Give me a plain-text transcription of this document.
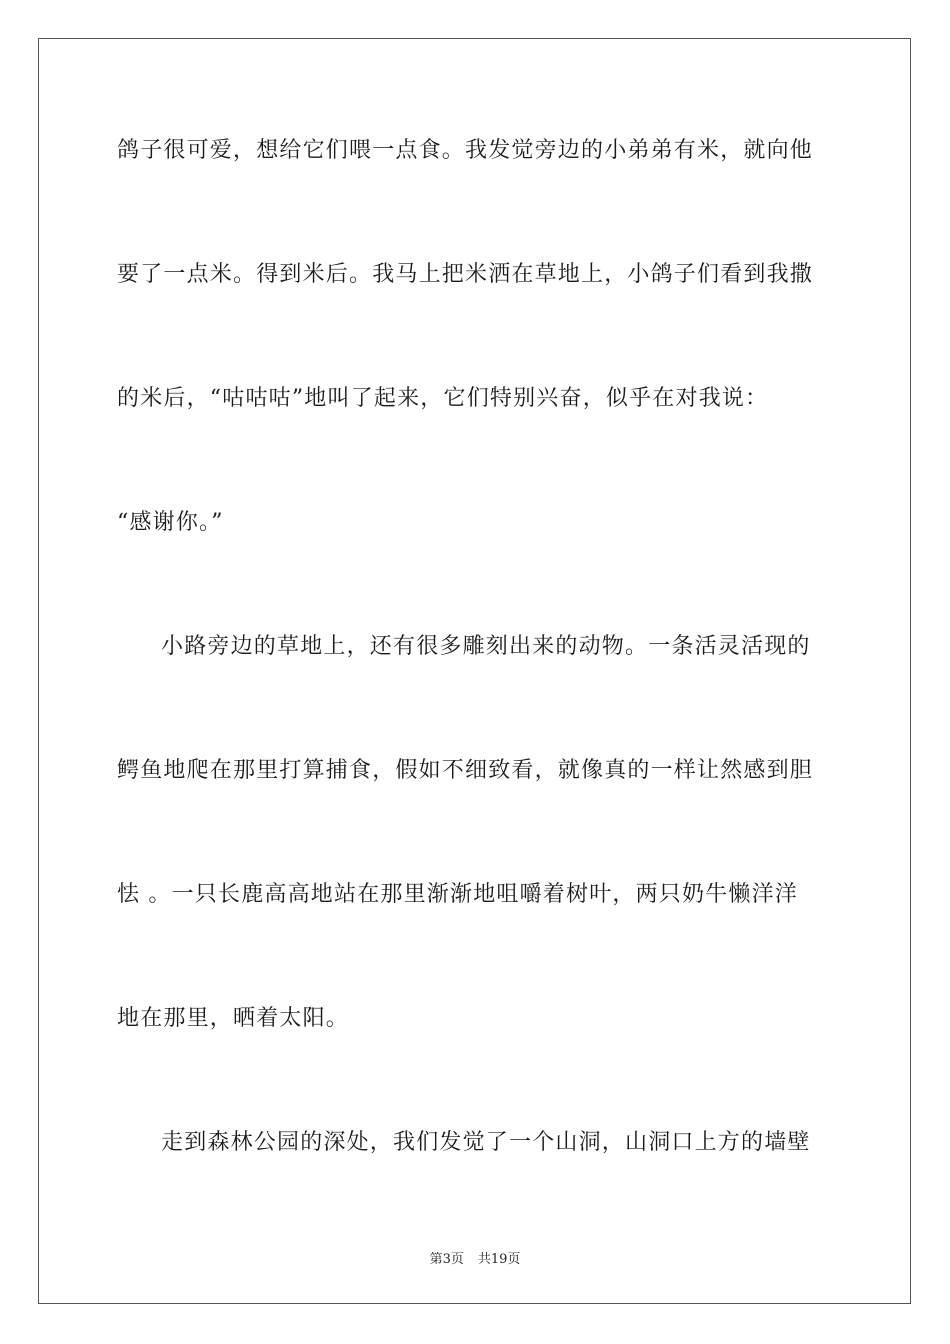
鸽子很可爱，想给它们喂一点食。我发觉旁边的小弟弟有米，就向他

要了一点米。得到米后。我马上把米洒在草地上，小鸽子们看到我撒

的米后，“咕咕咕”地叫了起来，它们特别兴奋，似乎在对我说：

“感谢你。”

小路旁边的草地上，还有很多雕刻出来的动物。一条活灵活现的

鳄鱼地爬在那里打算捕食，假如不细致看，就像真的一样让然感到胆

怯 。一只长鹿高高地站在那里渐渐地咀嚼着树叶，两只奶牛懒洋洋

地在那里，晒着太阳。

走到森林公园的深处，我们发觉了一个山洞，山洞口上方的墙壁

第3页 共19页
